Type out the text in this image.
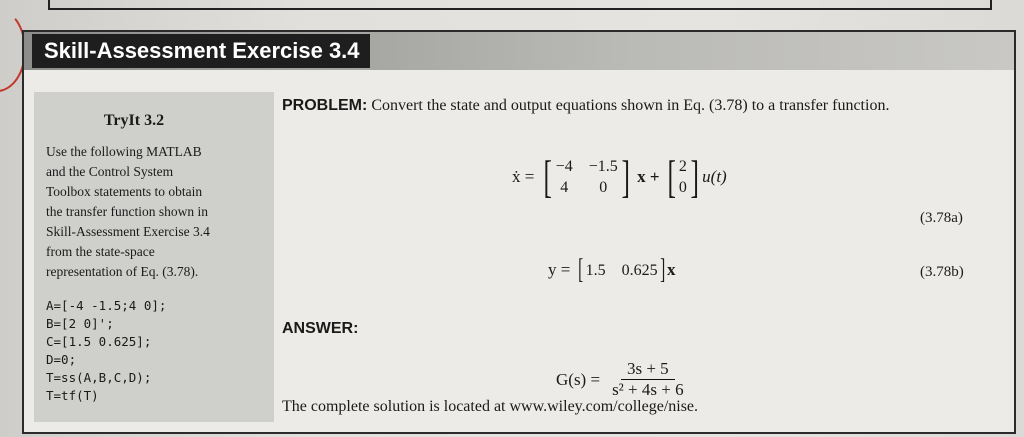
Skill-Assessment Exercise 3.4
TryIt 3.2
Use the following MATLAB
and the Control System
Toolbox statements to obtain
the transfer function shown in
Skill-Assessment Exercise 3.4
from the state-space
representation of Eq. (3.78).
A=[-4 -1.5;4 0];
B=[2 0]';
C=[1.5 0.625];
D=0;
T=ss(A,B,C,D);
T=tf(T)
PROBLEM: Convert the state and output equations shown in Eq. (3.78) to a transfer function.
ẋ = [ −4 −1.5
4	0 ] x + [ 2
0 ] u(t)
(3.78a)
y = [ 1.5 0.625 ] x	(3.78b)
ANSWER:
$G(s) = \frac{3s + 5}{\text{s² + 4s + 6}}$
The complete solution is located at www.wiley.com/college/nise.
